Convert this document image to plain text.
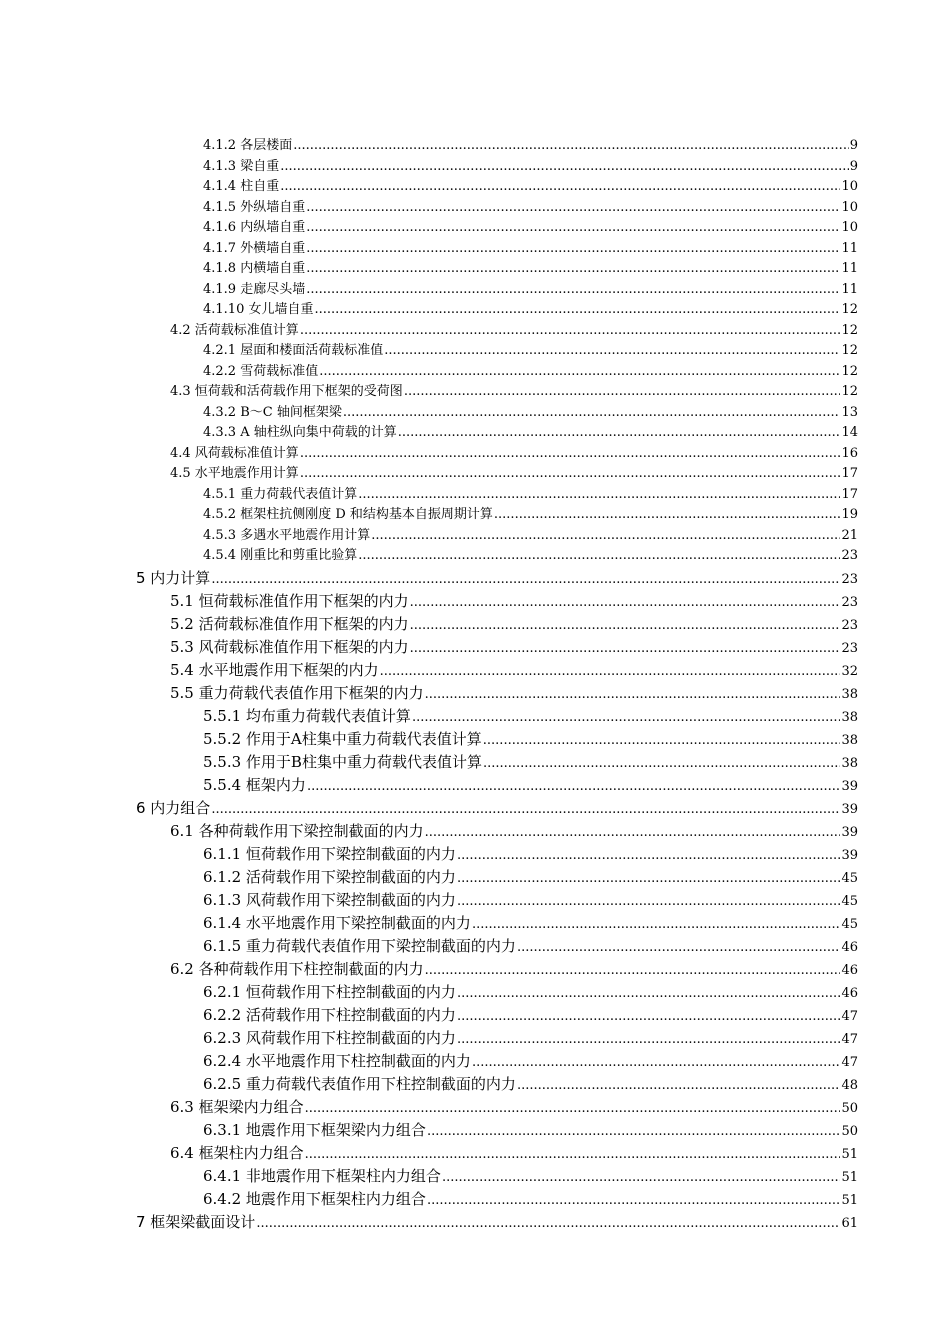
4.1.2 各层楼面 .....	9
4.1.3 梁自重 .....	9
4.1.4 柱自重 .....	10
4.1.5 外纵墙自重 .....	10
4.1.6 内纵墙自重 .....	10
4.1.7 外横墙自重 .....	11
4.1.8 内横墙自重 .....	11
4.1.9 走廊尽头墙 .....	11
4.1.10 女儿墙自重 .....	12
4.2 活荷载标准值计算 .....	12
4.2.1 屋面和楼面活荷载标准值 .....	12
4.2.2 雪荷载标准值 .....	12
4.3 恒荷载和活荷载作用下框架的受荷图 .....	12
4.3.2 B～C 轴间框架梁 .....	13
4.3.3 A 轴柱纵向集中荷载的计算 .....	14
4.4 风荷载标准值计算 .....	16
4.5 水平地震作用计算 .....	17
4.5.1 重力荷载代表值计算 .....	17
4.5.2 框架柱抗侧刚度 D 和结构基本自振周期计算 .....	19
4.5.3 多遇水平地震作用计算 .....	21
4.5.4 刚重比和剪重比验算 .....	23
5 内力计算 .....	23
5.1 恒荷载标准值作用下框架的内力 .....	23
5.2 活荷载标准值作用下框架的内力 .....	23
5.3 风荷载标准值作用下框架的内力 .....	23
5.4 水平地震作用下框架的内力 .....	32
5.5 重力荷载代表值作用下框架的内力 .....	38
5.5.1 均布重力荷载代表值计算 .....	38
5.5.2 作用于A柱集中重力荷载代表值计算 .....	38
5.5.3 作用于B柱集中重力荷载代表值计算 .....	38
5.5.4 框架内力 .....	39
6 内力组合 .....	39
6.1 各种荷载作用下梁控制截面的内力 .....	39
6.1.1 恒荷载作用下梁控制截面的内力 .....	39
6.1.2 活荷载作用下梁控制截面的内力 .....	45
6.1.3 风荷载作用下梁控制截面的内力 .....	45
6.1.4 水平地震作用下梁控制截面的内力 .....	45
6.1.5 重力荷载代表值作用下梁控制截面的内力 .....	46
6.2 各种荷载作用下柱控制截面的内力 .....	46
6.2.1 恒荷载作用下柱控制截面的内力 .....	46
6.2.2 活荷载作用下柱控制截面的内力 .....	47
6.2.3 风荷载作用下柱控制截面的内力 .....	47
6.2.4 水平地震作用下柱控制截面的内力 .....	47
6.2.5 重力荷载代表值作用下柱控制截面的内力 .....	48
6.3 框架梁内力组合 .....	50
6.3.1 地震作用下框架梁内力组合 .....	50
6.4 框架柱内力组合 .....	51
6.4.1 非地震作用下框架柱内力组合 .....	51
6.4.2 地震作用下框架柱内力组合 .....	51
7 框架梁截面设计 .....	61
